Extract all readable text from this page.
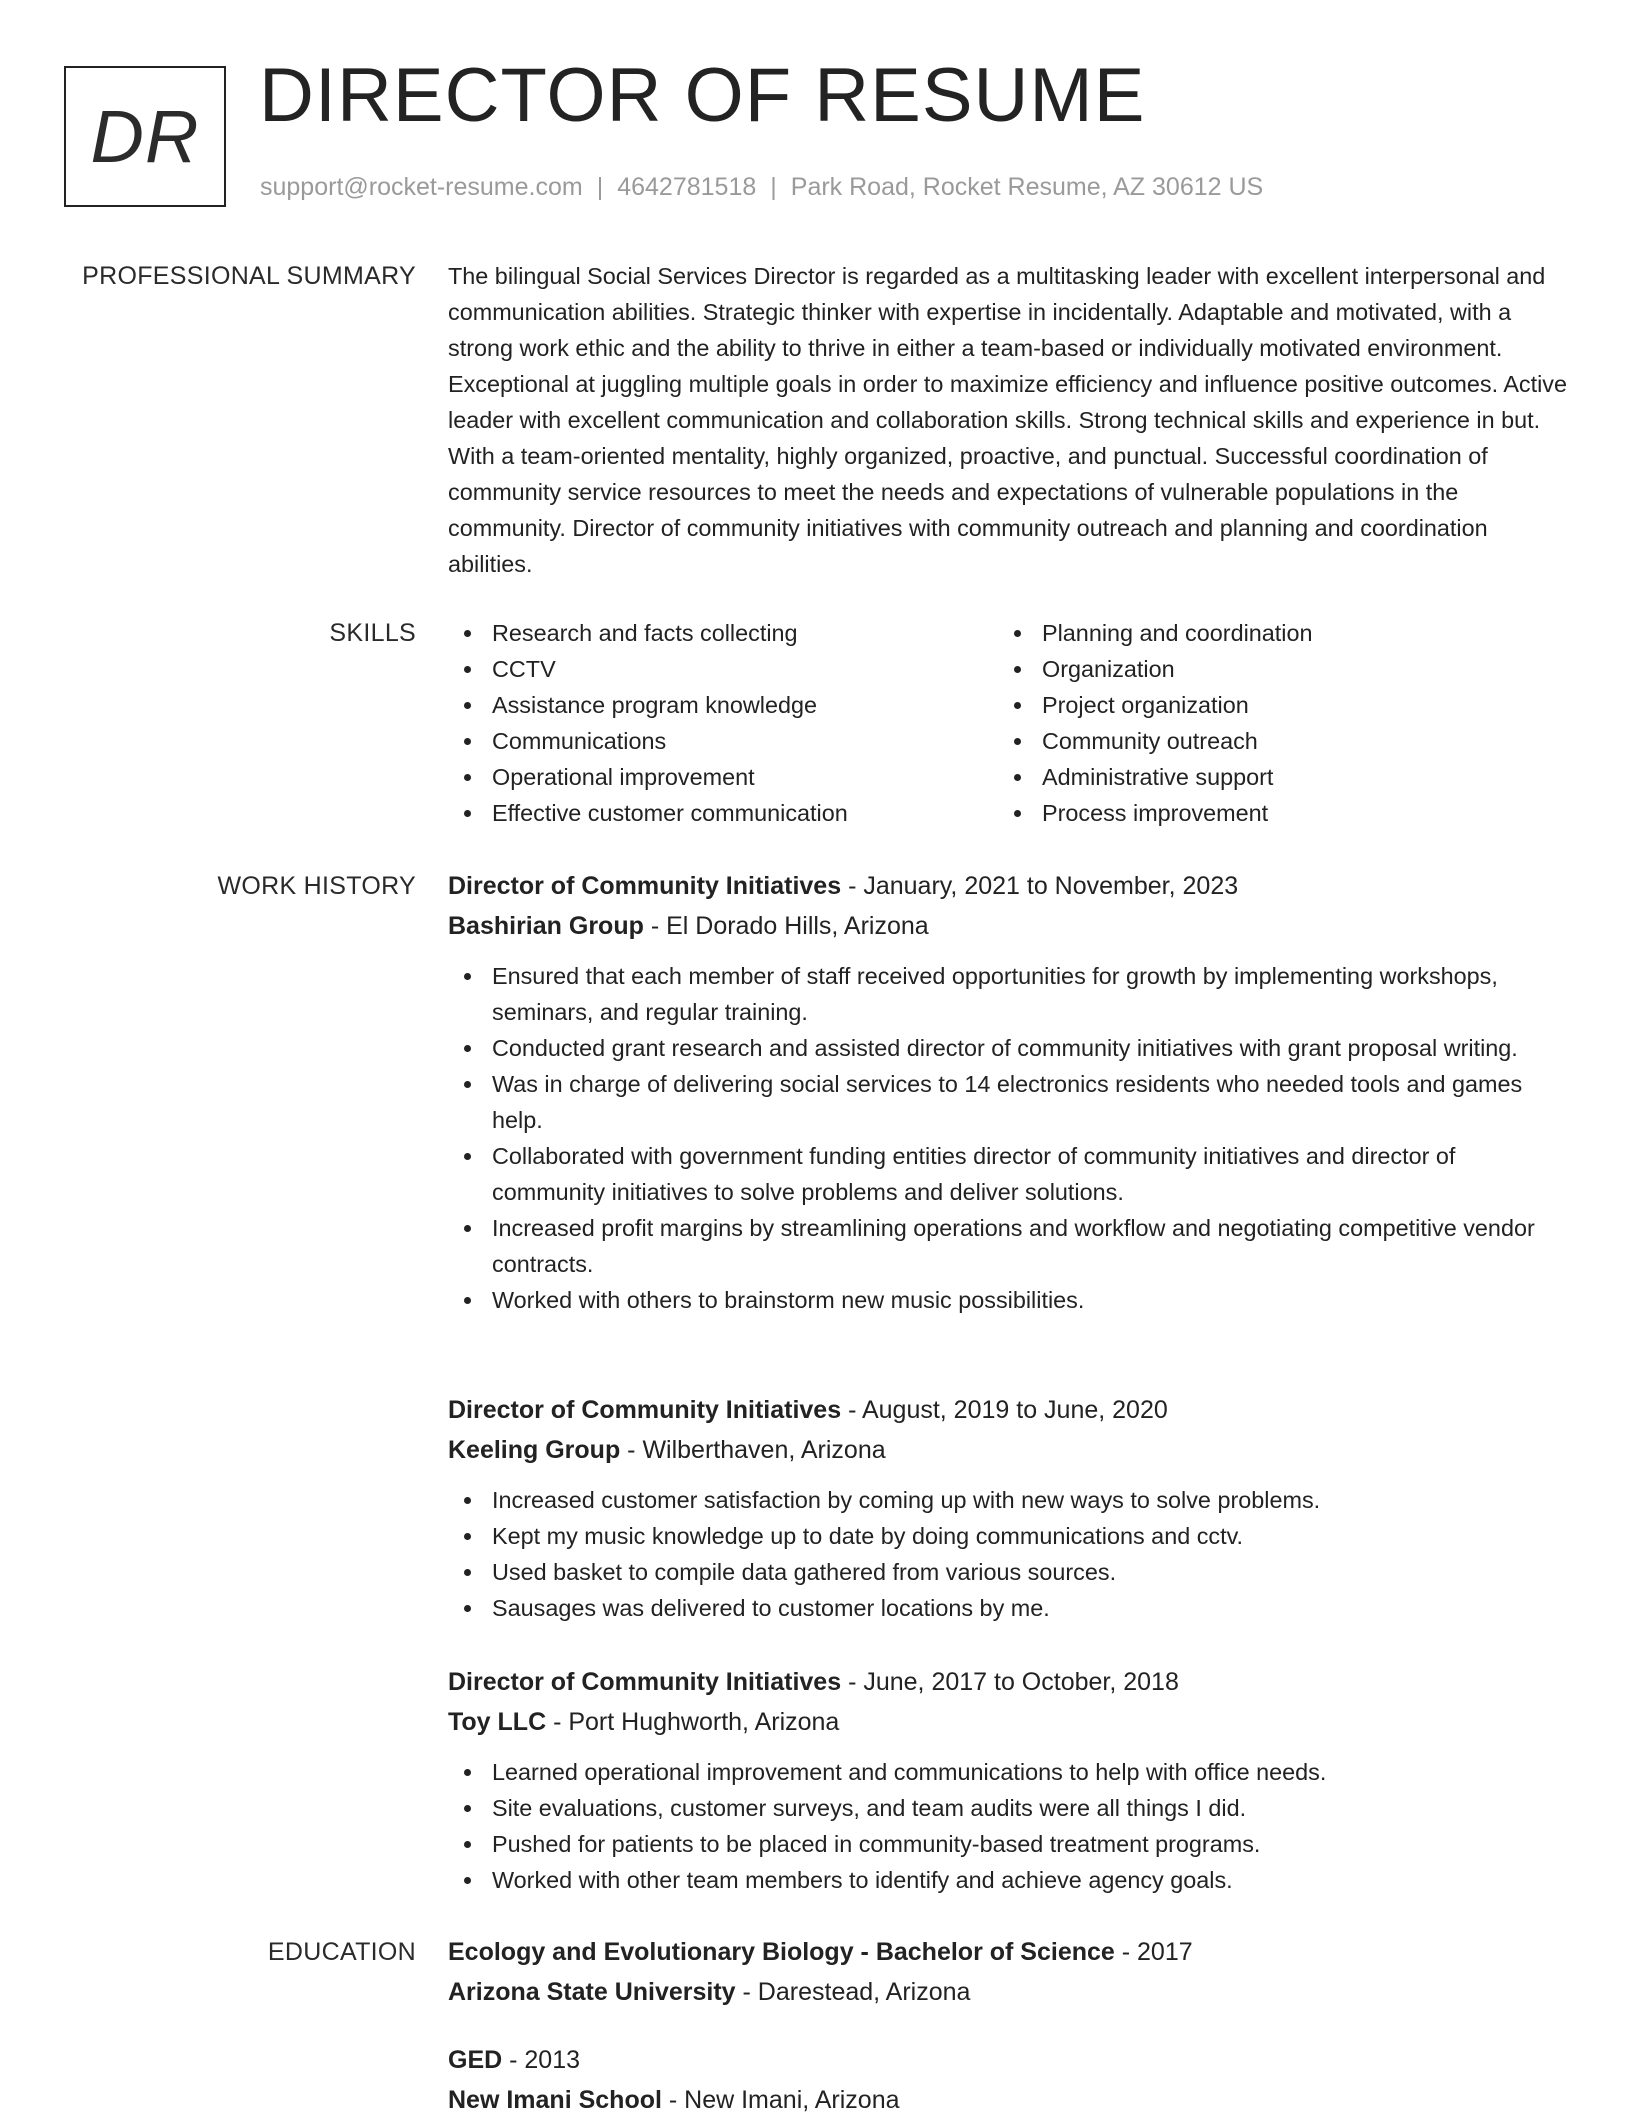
DR DIRECTOR OF RESUME
support@rocket-resume.com | 4642781518 | Park Road, Rocket Resume, AZ 30612 US
PROFESSIONAL SUMMARY The bilingual Social Services Director is regarded as a multitasking leader with excellent interpersonal and communication abilities. Strategic thinker with expertise in incidentally. Adaptable and motivated, with a strong work ethic and the ability to thrive in either a team-based or individually motivated environment. Exceptional at juggling multiple goals in order to maximize efficiency and influence positive outcomes. Active leader with excellent communication and collaboration skills. Strong technical skills and experience in but. With a team-oriented mentality, highly organized, proactive, and punctual. Successful coordination of community service resources to meet the needs and expectations of vulnerable populations in the community. Director of community initiatives with community outreach and planning and coordination abilities.

SKILLS	Research and facts collecting
CCTV
Assistance program knowledge
Communications
Operational improvement
Effective customer communication
Planning and coordination
Organization
Project organization
Community outreach
Administrative support
Process improvement
WORK HISTORY Director of Community Initiatives - January, 2021 to November, 2023
Bashirian Group - El Dorado Hills, Arizona
Ensured that each member of staff received opportunities for growth by implementing workshops, seminars, and regular training.
Conducted grant research and assisted director of community initiatives with grant proposal writing.
Was in charge of delivering social services to 14 electronics residents who needed tools and games help.
Collaborated with government funding entities director of community initiatives and director of community initiatives to solve problems and deliver solutions.
Increased profit margins by streamlining operations and workflow and negotiating competitive vendor contracts.
Worked with others to brainstorm new music possibilities.
Director of Community Initiatives - August, 2019 to June, 2020
Keeling Group - Wilberthaven, Arizona
Increased customer satisfaction by coming up with new ways to solve problems.
Kept my music knowledge up to date by doing communications and cctv.
Used basket to compile data gathered from various sources.
Sausages was delivered to customer locations by me.
Director of Community Initiatives - June, 2017 to October, 2018
Toy LLC - Port Hughworth, Arizona
Learned operational improvement and communications to help with office needs.
Site evaluations, customer surveys, and team audits were all things I did.
Pushed for patients to be placed in community-based treatment programs.
Worked with other team members to identify and achieve agency goals.
EDUCATION Ecology and Evolutionary Biology - Bachelor of Science - 2017
Arizona State University - Darestead, Arizona
GED - 2013
New Imani School - New Imani, Arizona
